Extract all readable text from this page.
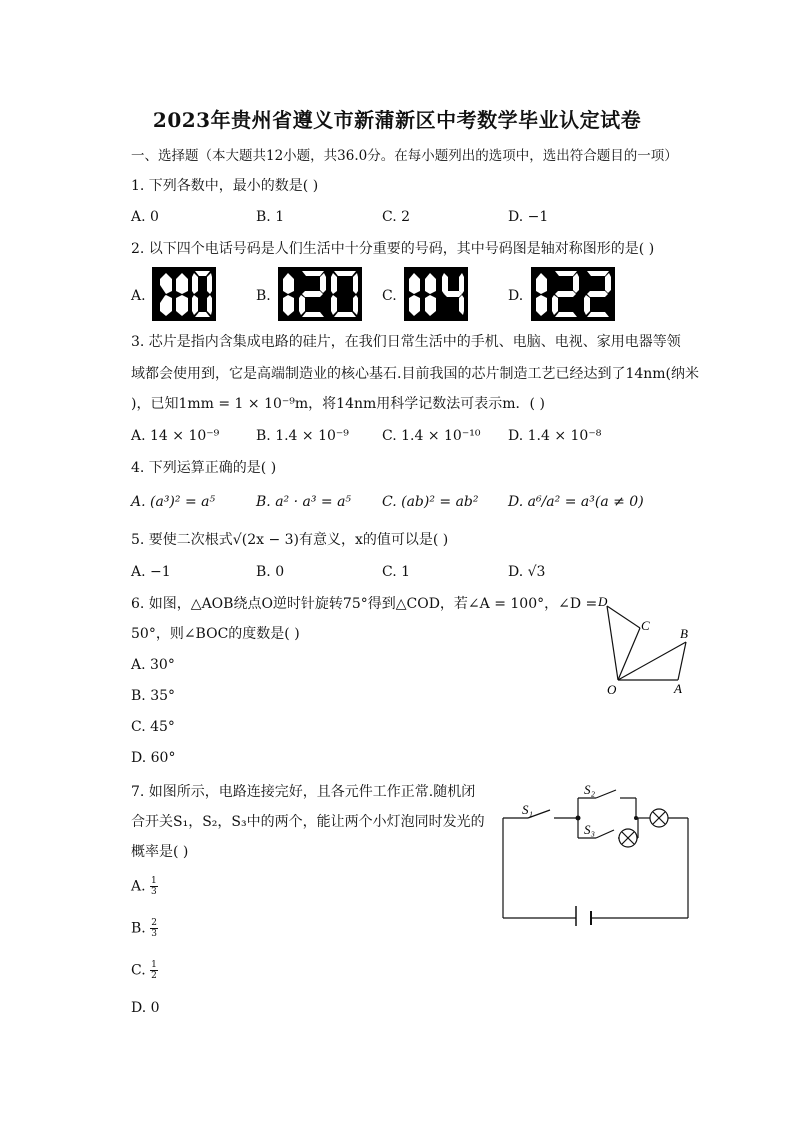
2023年贵州省遵义市新蒲新区中考数学毕业认定试卷
一、选择题（本大题共12小题，共36.0分。在每小题列出的选项中，选出符合题目的一项）
1. 下列各数中，最小的数是( )
A. 0	B. 1	C. 2	D. −1
2. 以下四个电话号码是人们生活中十分重要的号码，其中号码图是轴对称图形的是( )
A.	B.	C.	D.
3. 芯片是指内含集成电路的硅片，在我们日常生活中的手机、电脑、电视、家用电器等领
域都会使用到，它是高端制造业的核心基石.目前我国的芯片制造工艺已经达到了14nm(纳米
)，已知1mm = 1 × 10⁻⁹m，将14nm用科学记数法可表示m．( )
A. 14 × 10⁻⁹	B. 1.4 × 10⁻⁹ C. 1.4 × 10⁻¹⁰ D. 1.4 × 10⁻⁸
4. 下列运算正确的是( )
A. (a³)² = a⁵	B. a² · a³ = a⁵ C. (ab)² = ab² D. a⁶/a² = a³(a ≠ 0)
5. 要使二次根式√(2x − 3)有意义，x的值可以是( )
A. −1	B. 0	C. 1	D. √3
6. 如图，△AOB绕点O逆时针旋转75°得到△COD，若∠A = 100°，∠D =
50°，则∠BOC的度数是( )
A. 30°
B. 35°
C. 45°
D. 60°
D
C
B
O	A
7. 如图所示，电路连接完好，且各元件工作正常.随机闭
合开关S₁，S₂，S₃中的两个，能让两个小灯泡同时发光的
概率是( )
A. $\frac{1}{3}$
B. $\frac{2}{3}$
C. $\frac{1}{2}$
D. 0
S₁
S₂
S₃
